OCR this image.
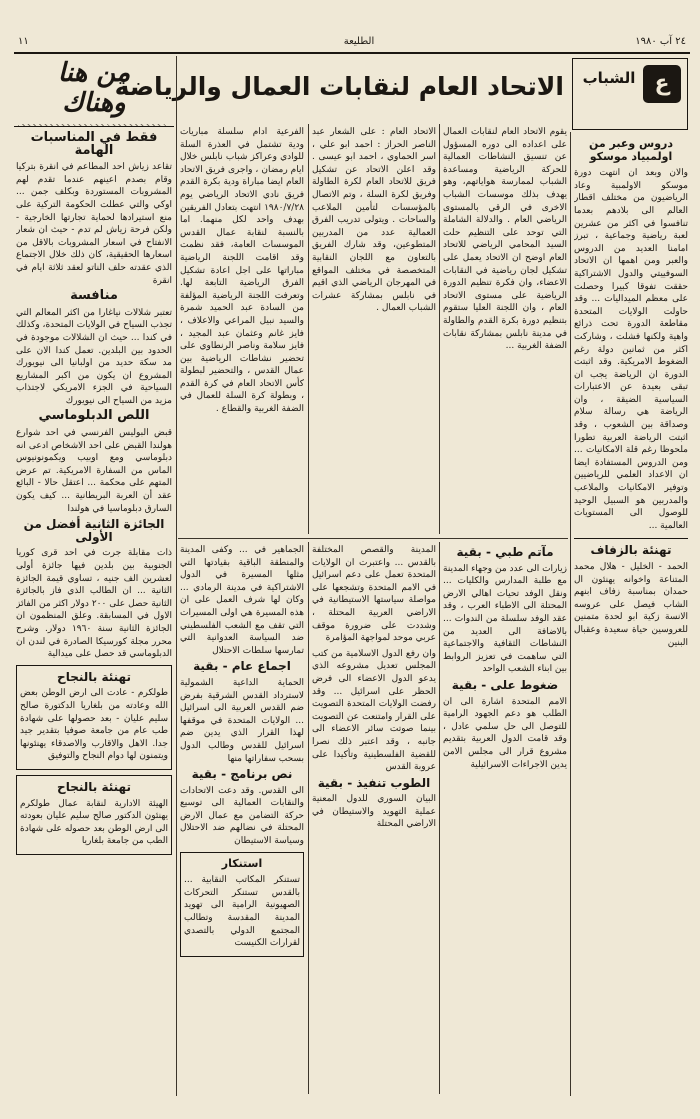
١١	الطليعة	٢٤ آب ١٩٨٠
ع
الشباب
الاتحاد العام لنقابات العمال والرياضة
من هنا
وهناك
فقط في المناسبات الهامة

تقاعد زياش احد المطاعم في انقرة بتركيا وقام بصدم اعينهم عندما تقدم لهم المشروبات المستوردة وبكلف جمن ... اوكي والتي عطلت الحكومة التركية على منع استيرادها لحماية تجارتها الخارجية - ولكن فرحة زياش لم تدم - حيث ان شعار الانفتاح في اسعار المشروبات بالاقل من اسعارها الحقيقية، كان ذلك خلال الاجتماع الذي عقدته حلف الناتو لعقد ثلاثة ايام في انقرة

منافسة

تعتبر شلالات نياغارا من اكثر المعالم التي تجذب السياح في الولايات المتحدة، وكذلك في كندا ... حيث ان الشلالات موجودة في الحدود بين البلدين. تعمل كندا الان على مد سكة حديد من اولبانيا الى نيويورك المشروع ان يكون من اكبر المشاريع السياحية في الجزء الامريكي لاجتذاب مزيد من السياح الى نيويورك

اللص الدبلوماسي

قبض البوليس الفرنسي في احد شوارع هولندا القبض على احد الاشخاص ادعى انه دبلوماسي ومع اوبيب ويكمونونيوس الماس من السفارة الامريكية. تم عرض المتهم على محكمة ... اعتقل حالا - البائع عقد أن العربة البريطانية ... كيف يكون السارق دبلوماسيا في هولندا

الجائزة الثانية أفضل من الأولى

ذات مقابلة جرت في احد قرى كوريا الجنوبية بين بلدين فيها جائزة أولى لعشرين الف جنيه ، تساوي قيمة الجائزة الثانية ... ان الطالب الذي فاز بالجائزة الثانية حصل على ٢٠٠ دولار اكثر من الفائز الاول في المسابقة. وعلق المنظمون ان الجائزة الثانية سنة ١٩٦٠ دولار. وشرح محرر مجلة كورسيكا الصادرة في لندن ان الدبلوماسي قد حصل على ميدالية

تهنئة بالنجاح

طولكرم - عادت الى ارض الوطن بعض الله وعادته من بلغاريا الدكتورة صالح سليم عليان - بعد حصولها على شهادة طب عام من جامعة صوفيا بتقدير جيد جدا. الاهل والاقارب والاصدقاء يهنئونها ويتمنون لها دوام النجاح والتوفيق

تهنئة بالنجاح

الهيئة الادارية لنقابة عمال طولكرم يهنئون الدكتور صالح سليم عليان بعودته الى ارض الوطن بعد حصوله على شهادة الطب من جامعة بلغاريا

الفرعية ادام سلسلة مباريات ودية تشتمل في العذرة السلة للوادي وعراكز شباب نابلس خلال ايام رمضان ، واجرى فريق الاتحاد العام ايضا مباراة ودية بكرة القدم فريق نادي الاتحاد الرياضي يوم ١٩٨٠/٧/٢٨ انتهت بتعادل الفريقين بهدف واحد لكل منهما. اما بالنسبة لنقابة عمال القدس الموسسات العامة، فقد نظمت وقد اقامت اللجنة الرياضية مباراتها على اجل اعادة تشكيل الفرق الرياضية التابعة لها. وتعرفت اللجنة الرياضية المؤلفة من السادة عبد الحميد شمرة والسيد نبيل المراعي والاعلاف ، فايز غانم وعثمان عبد المجيد ، فايز سلامة وناصر الرنطاوي على تحضير نشاطات الرياضية بين عمال القدس ، والتحضير لبطولة كأس الاتحاد العام في كرة القدم ، وبطولة كرة السلة للعمال في الضفة الغربية والقطاع .

الاتحاد العام : على الشعار عبد الناصر الحراز : احمد ابو علي ، اسر الحماوي ، احمد ابو عيسى . وقد اعلن الاتحاد عن تشكيل فريق للاتحاد العام لكرة الطاولة وفريق لكرة السلة ، وتم الاتصال بالمؤسسات لتأمين الملاعب والساحات . ويتولى تدريب الفرق العمالية عدد من المدربين المتطوعين، وقد شارك الفريق بالتعاون مع اللجان النقابية المتخصصة في مختلف المواقع في المهرجان الرياضي الذي اقيم في نابلس بمشاركة عشرات الشباب العمال .

يقوم الاتحاد العام لنقابات العمال على اعداده الى دوره المسؤول عن تنسيق النشاطات العمالية للحركة الرياضية ومساعدة الشباب لممارسة هواياتهم، وهو يهدف بذلك موسسات الشباب الاخرى في الرقي بالمستوى الرياضي العام . والدلالة الشاملة التي توحد على التنظيم حلت السيد المحامي الرياضي للاتحاد العام اوضح ان الاتحاد يعمل على تشكيل لجان رياضية في النقابات الاعضاء، وان فكرة تنظيم الدورة الرياضية على مستوى الاتحاد العام ، وان اللجنة العليا ستقوم بتنظيم دورة بكرة القدم والطاولة في مدينة نابلس بمشاركة نقابات الضفة الغربية ...

الجماهير في ... وكفى المدينة والمنطقة الباقية بقيادتها التي مثلها المسيرة في الدول الاشتراكية في مدينة الرمادي ... وكان لها شرف العمل على ان هذه المسيرة هي اولى المسيرات التي تقف مع الشعب الفلسطيني ضد السياسة العدوانية التي تمارسها سلطات الاحتلال

اجماع عام - بقية

الحماية الداعية الشمولية لاسترداد القدس الشرقية بفرض ضم القدس العربية الى اسرائيل ... الولايات المتحدة في موقفها لهذا القرار الذي يدين ضم اسرائيل للقدس وطالب الدول بسحب سفاراتها منها

نص برنامج - بقية

الى القدس. وقد دعت الاتحادات والنقابات العمالية الى توسيع حركة التضامن مع عمال الارض المحتلة في نضالهم ضد الاحتلال وسياسة الاستيطان

استنكار

تستنكر المكاتب النقابية ... بالقدس تستنكر التحركات الصهيونية الرامية الى تهويد المدينة المقدسة وتطالب المجتمع الدولي بالتصدي لقرارات الكنيست

المدينة والقصص المختلفة بالقدس ... واعتبرت ان الولايات المتحدة تعمل على دعم اسرائيل في الامم المتحدة وتشجعها على مواصلة سياستها الاستيطانية في الاراضي العربية المحتلة ، وشددت على ضرورة موقف عربي موحد لمواجهة المؤامرة

وان رفع الدول الاسلامية من كتب المجلس تعديل مشروعه الذي يدعو الدول الاعضاء الى فرض الحظر على اسرائيل ... وقد رفضت الولايات المتحدة التصويت على القرار وامتنعت عن التصويت بينما صوتت سائر الاعضاء الى جانبه ، وقد اعتبر ذلك نصرا للقضية الفلسطينية وتأكيدا على عروبة القدس

الطوب تنفيذ - بقية

البيان السوري للدول المعنية عملية التهويد والاستيطان في الاراضي المحتلة

مآتم طبي - بقية

زيارات الى عدد من وجهاء المدينة مع طلبة المدارس والكليات ... ونقل الوفد تحيات اهالي الارض المحتلة الى الاطباء العرب ، وقد عقد الوفد سلسلة من الندوات ... بالاضافة الى العديد من النشاطات الثقافية والاجتماعية التي ساهمت في تعزيز الروابط بين ابناء الشعب الواحد

ضغوط على - بقية

الامم المتحدة اشارة الى ان الطلب هو دعم الجهود الرامية للتوصل الى حل سلمي عادل ، وقد قامت الدول العربية بتقديم مشروع قرار الى مجلس الامن يدين الاجراءات الاسرائيلية

دروس وعبر من اولمبياد موسكو

والان وبعد ان انتهت دورة موسكو الاولمبية وعاد الرياضيون من مختلف اقطار العالم الى بلادهم بعدما تنافسوا في اكثر من عشرين لعبة رياضية وجماعية ، تبرز امامنا العديد من الدروس والعبر ومن اهمها ان الاتحاد السوفييتي والدول الاشتراكية حققت تفوقا كبيرا وحصلت على معظم الميداليات ... وقد حاولت الولايات المتحدة مقاطعة الدورة تحت ذرائع واهية ولكنها فشلت ، وشاركت اكثر من ثمانين دولة رغم الضغوط الامريكية. وقد اثبتت الدورة ان الرياضة يجب ان تبقى بعيدة عن الاعتبارات السياسية الضيقة ، وان الرياضة هي رسالة سلام وصداقة بين الشعوب ، وقد اثبتت الرياضة العربية تطورا ملحوظا رغم قلة الامكانيات ... ومن الدروس المستفادة ايضا ان الاعداد العلمي للرياضيين وتوفير الامكانيات والملاعب والمدربين هو السبيل الوحيد للوصول الى المستويات العالمية ...

تهنئة بالزفاف

الحمد - الخليل - هلال محمد المتناعة واخوانه يهنئون ال حمدان بمناسبة زفاف ابنهم الشاب فيصل على عروسه الانسة زكية ابو لحدة متمنين للعروسين حياة سعيدة وعقبال البنين
